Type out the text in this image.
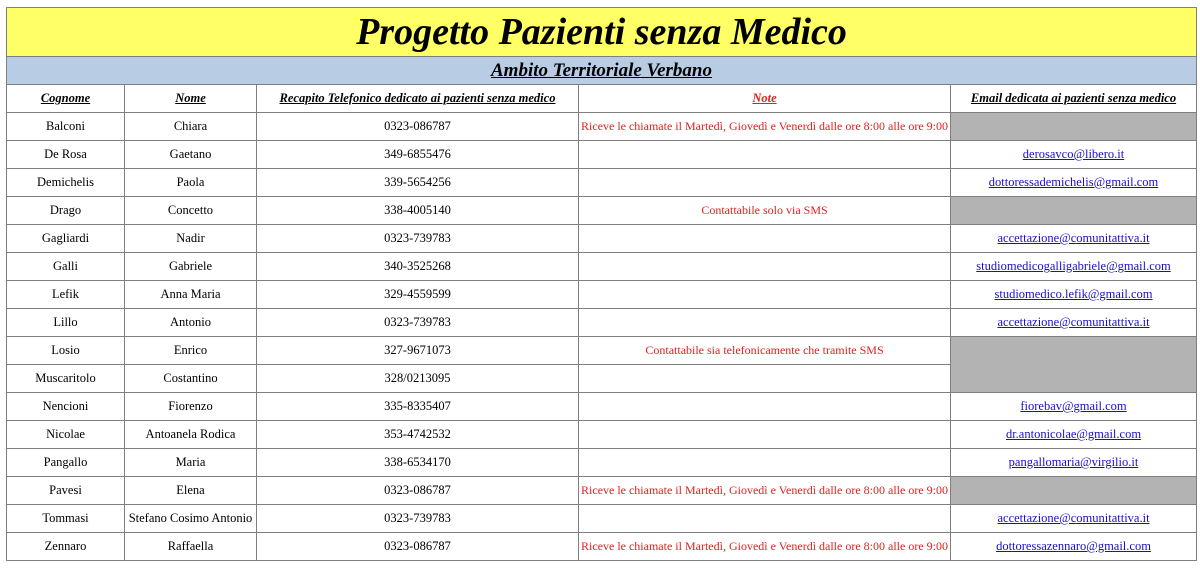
Progetto Pazienti senza Medico				
Ambito Territoriale Verbano				
Cognome	Nome	Recapito Telefonico dedicato ai pazienti senza medico	Note	Email dedicata ai pazienti senza medico
Balconi	Chiara	0323-086787	Riceve le chiamate il Martedì, Giovedì e Venerdì dalle ore 8:00 alle ore 9:00	
De Rosa	Gaetano	349-6855476		derosavco@libero.it
Demichelis	Paola	339-5654256		dottoressademichelis@gmail.com
Drago	Concetto	338-4005140	Contattabile solo via SMS	
Gagliardi	Nadir	0323-739783		accettazione@comunitattiva.it
Galli	Gabriele	340-3525268		studiomedicogalligabriele@gmail.com
Lefik	Anna Maria	329-4559599		studiomedico.lefik@gmail.com
Lillo	Antonio	0323-739783		accettazione@comunitattiva.it
Losio	Enrico	327-9671073	Contattabile sia telefonicamente che tramite SMS	
Muscaritolo	Costantino	328/0213095		
Nencioni	Fiorenzo	335-8335407		fiorebav@gmail.com
Nicolae	Antoanela Rodica	353-4742532		dr.antonicolae@gmail.com
Pangallo	Maria	338-6534170		pangallomaria@virgilio.it
Pavesi	Elena	0323-086787	Riceve le chiamate il Martedì, Giovedì e Venerdì dalle ore 8:00 alle ore 9:00	
Tommasi	Stefano Cosimo Antonio	0323-739783		accettazione@comunitattiva.it
Zennaro	Raffaella	0323-086787	Riceve le chiamate il Martedì, Giovedì e Venerdì dalle ore 8:00 alle ore 9:00	dottoressazennaro@gmail.com
